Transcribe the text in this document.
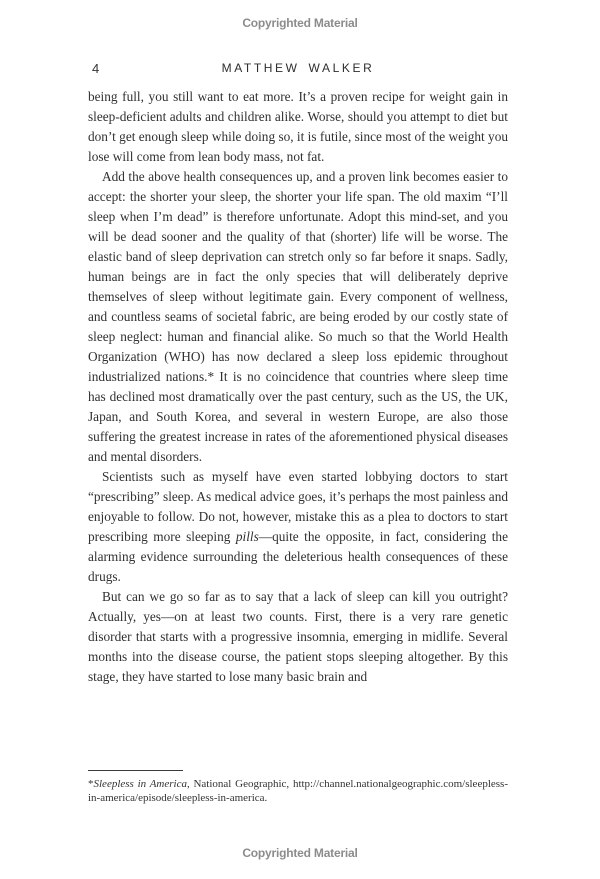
Copyrighted Material
4	MATTHEW WALKER

being full, you still want to eat more. It’s a proven recipe for weight gain in sleep-deficient adults and children alike. Worse, should you attempt to diet but don’t get enough sleep while doing so, it is futile, since most of the weight you lose will come from lean body mass, not fat.

Add the above health consequences up, and a proven link becomes easier to accept: the shorter your sleep, the shorter your life span. The old maxim “I’ll sleep when I’m dead” is therefore unfortunate. Adopt this mind-set, and you will be dead sooner and the quality of that (shorter) life will be worse. The elastic band of sleep deprivation can stretch only so far before it snaps. Sadly, human beings are in fact the only species that will deliberately deprive themselves of sleep without legitimate gain. Every component of wellness, and countless seams of societal fabric, are being eroded by our costly state of sleep neglect: human and financial alike. So much so that the World Health Organization (WHO) has now declared a sleep loss epidemic throughout industrialized nations.* It is no coincidence that countries where sleep time has declined most dramatically over the past century, such as the US, the UK, Japan, and South Korea, and several in western Europe, are also those suffering the greatest increase in rates of the aforementioned physical diseases and mental disorders.

Scientists such as myself have even started lobbying doctors to start “prescribing” sleep. As medical advice goes, it’s perhaps the most painless and enjoyable to follow. Do not, however, mistake this as a plea to doctors to start prescribing more sleeping pills—quite the opposite, in fact, considering the alarming evidence surrounding the deleterious health consequences of these drugs.

But can we go so far as to say that a lack of sleep can kill you outright? Actually, yes—on at least two counts. First, there is a very rare genetic disorder that starts with a progressive insomnia, emerging in midlife. Several months into the disease course, the patient stops sleeping altogether. By this stage, they have started to lose many basic brain and

*Sleepless in America, National Geographic, http://channel.nationalgeographic.com/sleepless-in-america/episode/sleepless-in-america.
Copyrighted Material
